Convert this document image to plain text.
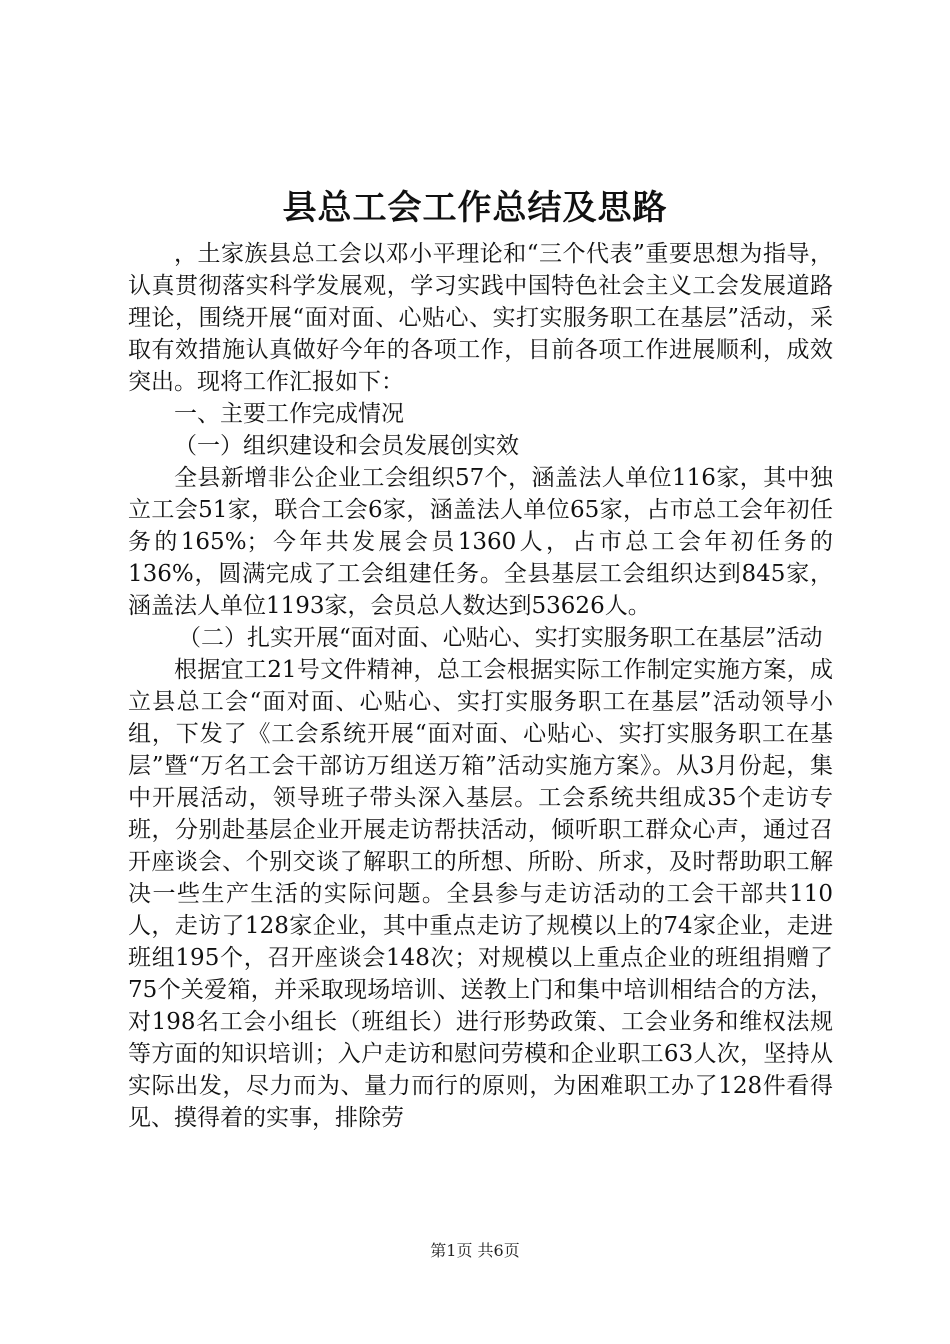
县总工会工作总结及思路

，土家族县总工会以邓小平理论和“三个代表”重要思想为指导，认真贯彻落实科学发展观，学习实践中国特色社会主义工会发展道路理论，围绕开展“面对面、心贴心、实打实服务职工在基层”活动，采取有效措施认真做好今年的各项工作，目前各项工作进展顺利，成效突出。现将工作汇报如下：

一、主要工作完成情况

（一）组织建设和会员发展创实效

全县新增非公企业工会组织57个，涵盖法人单位116家，其中独立工会51家，联合工会6家，涵盖法人单位65家，占市总工会年初任务的165%；今年共发展会员1360人，占市总工会年初任务的136%，圆满完成了工会组建任务。全县基层工会组织达到845家，涵盖法人单位1193家，会员总人数达到53626人。

（二）扎实开展“面对面、心贴心、实打实服务职工在基层”活动

根据宜工21号文件精神，总工会根据实际工作制定实施方案，成立县总工会“面对面、心贴心、实打实服务职工在基层”活动领导小组，下发了《工会系统开展“面对面、心贴心、实打实服务职工在基层”暨“万名工会干部访万组送万箱”活动实施方案》。从3月份起，集中开展活动，领导班子带头深入基层。工会系统共组成35个走访专班，分别赴基层企业开展走访帮扶活动，倾听职工群众心声，通过召开座谈会、个别交谈了解职工的所想、所盼、所求，及时帮助职工解决一些生产生活的实际问题。全县参与走访活动的工会干部共110人，走访了128家企业，其中重点走访了规模以上的74家企业，走进班组195个，召开座谈会148次；对规模以上重点企业的班组捐赠了75个关爱箱，并采取现场培训、送教上门和集中培训相结合的方法，对198名工会小组长（班组长）进行形势政策、工会业务和维权法规等方面的知识培训；入户走访和慰问劳模和企业职工63人次，坚持从实际出发，尽力而为、量力而行的原则，为困难职工办了128件看得见、摸得着的实事，排除劳

第1页 共6页
